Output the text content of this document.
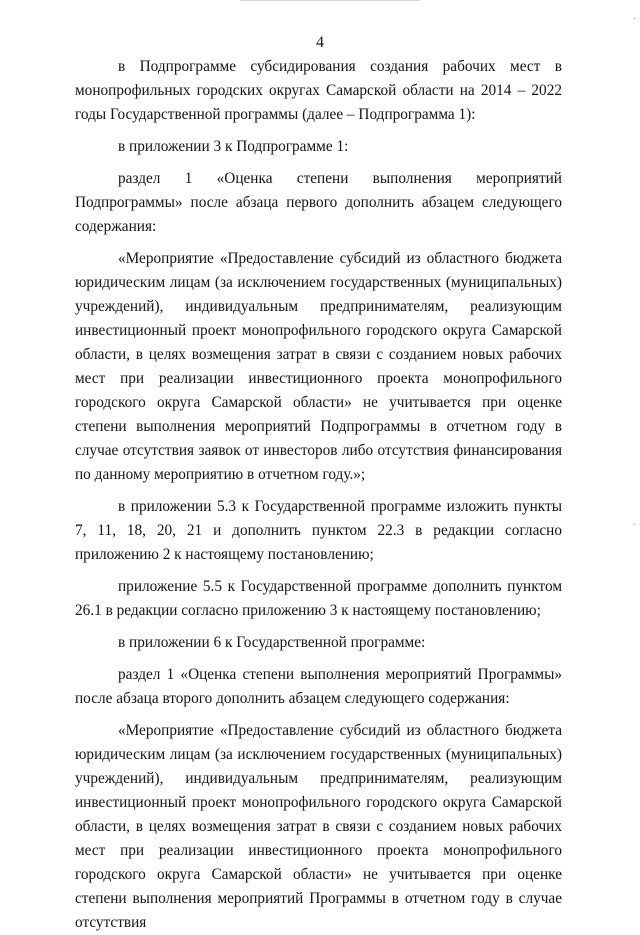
·
·
4

в Подпрограмме субсидирования создания рабочих мест в монопрофильных городских округах Самарской области на 2014 – 2022 годы Государственной программы (далее – Подпрограмма 1):

в приложении 3 к Подпрограмме 1:

раздел 1 «Оценка степени выполнения мероприятий Подпрограммы» после абзаца первого дополнить абзацем следующего содержания:

«Мероприятие «Предоставление субсидий из областного бюджета юридическим лицам (за исключением государственных (муниципальных) учреждений), индивидуальным предпринимателям, реализующим инвестиционный проект монопрофильного городского округа Самарской области, в целях возмещения затрат в связи с созданием новых рабочих мест при реализации инвестиционного проекта монопрофильного городского округа Самарской области» не учитывается при оценке степени выполнения мероприятий Подпрограммы в отчетном году в случае отсутствия заявок от инвесторов либо отсутствия финансирования по данному мероприятию в отчетном году.»;

в приложении 5.3 к Государственной программе изложить пункты 7, 11, 18, 20, 21 и дополнить пунктом 22.3 в редакции согласно приложению 2 к настоящему постановлению;

приложение 5.5 к Государственной программе дополнить пунктом 26.1 в редакции согласно приложению 3 к настоящему постановлению;

в приложении 6 к Государственной программе:

раздел 1 «Оценка степени выполнения мероприятий Программы» после абзаца второго дополнить абзацем следующего содержания:

«Мероприятие «Предоставление субсидий из областного бюджета юридическим лицам (за исключением государственных (муниципальных) учреждений), индивидуальным предпринимателям, реализующим инвестиционный проект монопрофильного городского округа Самарской области, в целях возмещения затрат в связи с созданием новых рабочих мест при реализации инвестиционного проекта монопрофильного городского округа Самарской области» не учитывается при оценке степени выполнения мероприятий Программы в отчетном году в случае отсутствия
